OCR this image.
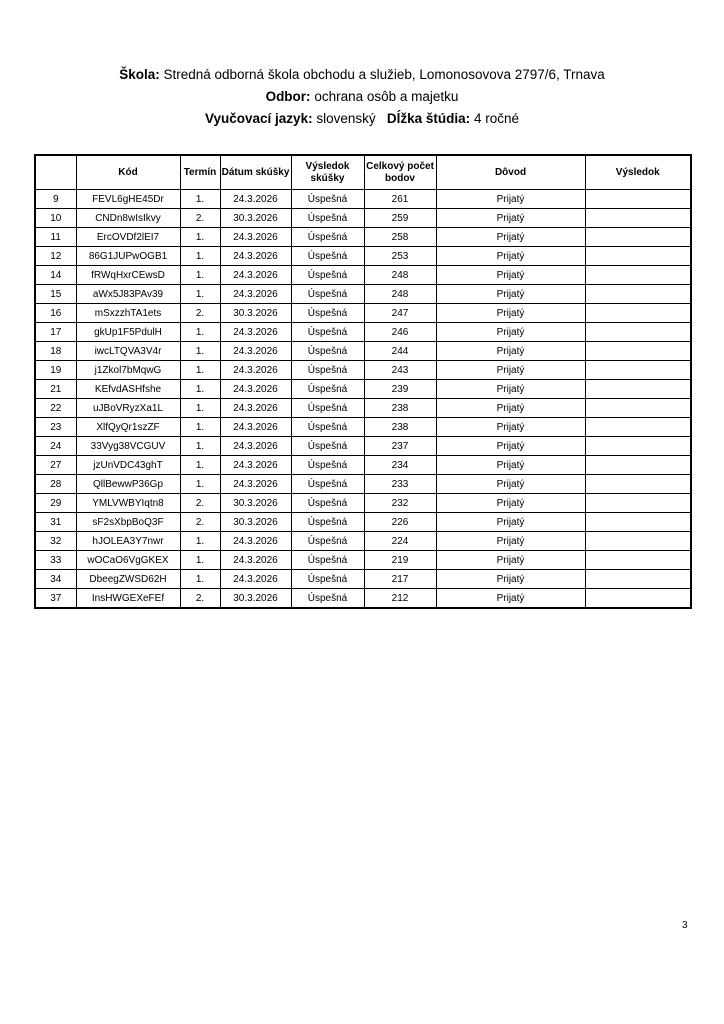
Škola: Stredná odborná škola obchodu a služieb, Lomonosovova 2797/6, Trnava
Odbor: ochrana osôb a majetku
Vyučovací jazyk: slovenský Dĺžka štúdia: 4 ročné
	Kód	Termín	Dátum skúšky	Výsledok skúšky	Celkový počet bodov	Dôvod	Výsledok
9	FEVL6gHE45Dr	1.	24.3.2026	Úspešná	261	Prijatý	
10	CNDn8wIsIkvy	2.	30.3.2026	Úspešná	259	Prijatý	
11	ErcOVDf2lEI7	1.	24.3.2026	Úspešná	258	Prijatý	
12	86G1JUPwOGB1	1.	24.3.2026	Úspešná	253	Prijatý	
14	fRWqHxrCEwsD	1.	24.3.2026	Úspešná	248	Prijatý	
15	aWx5J83PAv39	1.	24.3.2026	Úspešná	248	Prijatý	
16	mSxzzhTA1ets	2.	30.3.2026	Úspešná	247	Prijatý	
17	gkUp1F5PdulH	1.	24.3.2026	Úspešná	246	Prijatý	
18	iwcLTQVA3V4r	1.	24.3.2026	Úspešná	244	Prijatý	
19	j1Zkol7bMqwG	1.	24.3.2026	Úspešná	243	Prijatý	
21	KEfvdASHfshe	1.	24.3.2026	Úspešná	239	Prijatý	
22	uJBoVRyzXa1L	1.	24.3.2026	Úspešná	238	Prijatý	
23	XlfQyQr1szZF	1.	24.3.2026	Úspešná	238	Prijatý	
24	33Vyg38VCGUV	1.	24.3.2026	Úspešná	237	Prijatý	
27	jzUnVDC43ghT	1.	24.3.2026	Úspešná	234	Prijatý	
28	QllBewwP36Gp	1.	24.3.2026	Úspešná	233	Prijatý	
29	YMLVWBYIqtn8	2.	30.3.2026	Úspešná	232	Prijatý	
31	sF2sXbpBoQ3F	2.	30.3.2026	Úspešná	226	Prijatý	
32	hJOLEA3Y7nwr	1.	24.3.2026	Úspešná	224	Prijatý	
33	wOCaO6VgGKEX	1.	24.3.2026	Úspešná	219	Prijatý	
34	DbeegZWSD62H	1.	24.3.2026	Úspešná	217	Prijatý	
37	InsHWGEXeFEf	2.	30.3.2026	Úspešná	212	Prijatý	
3
